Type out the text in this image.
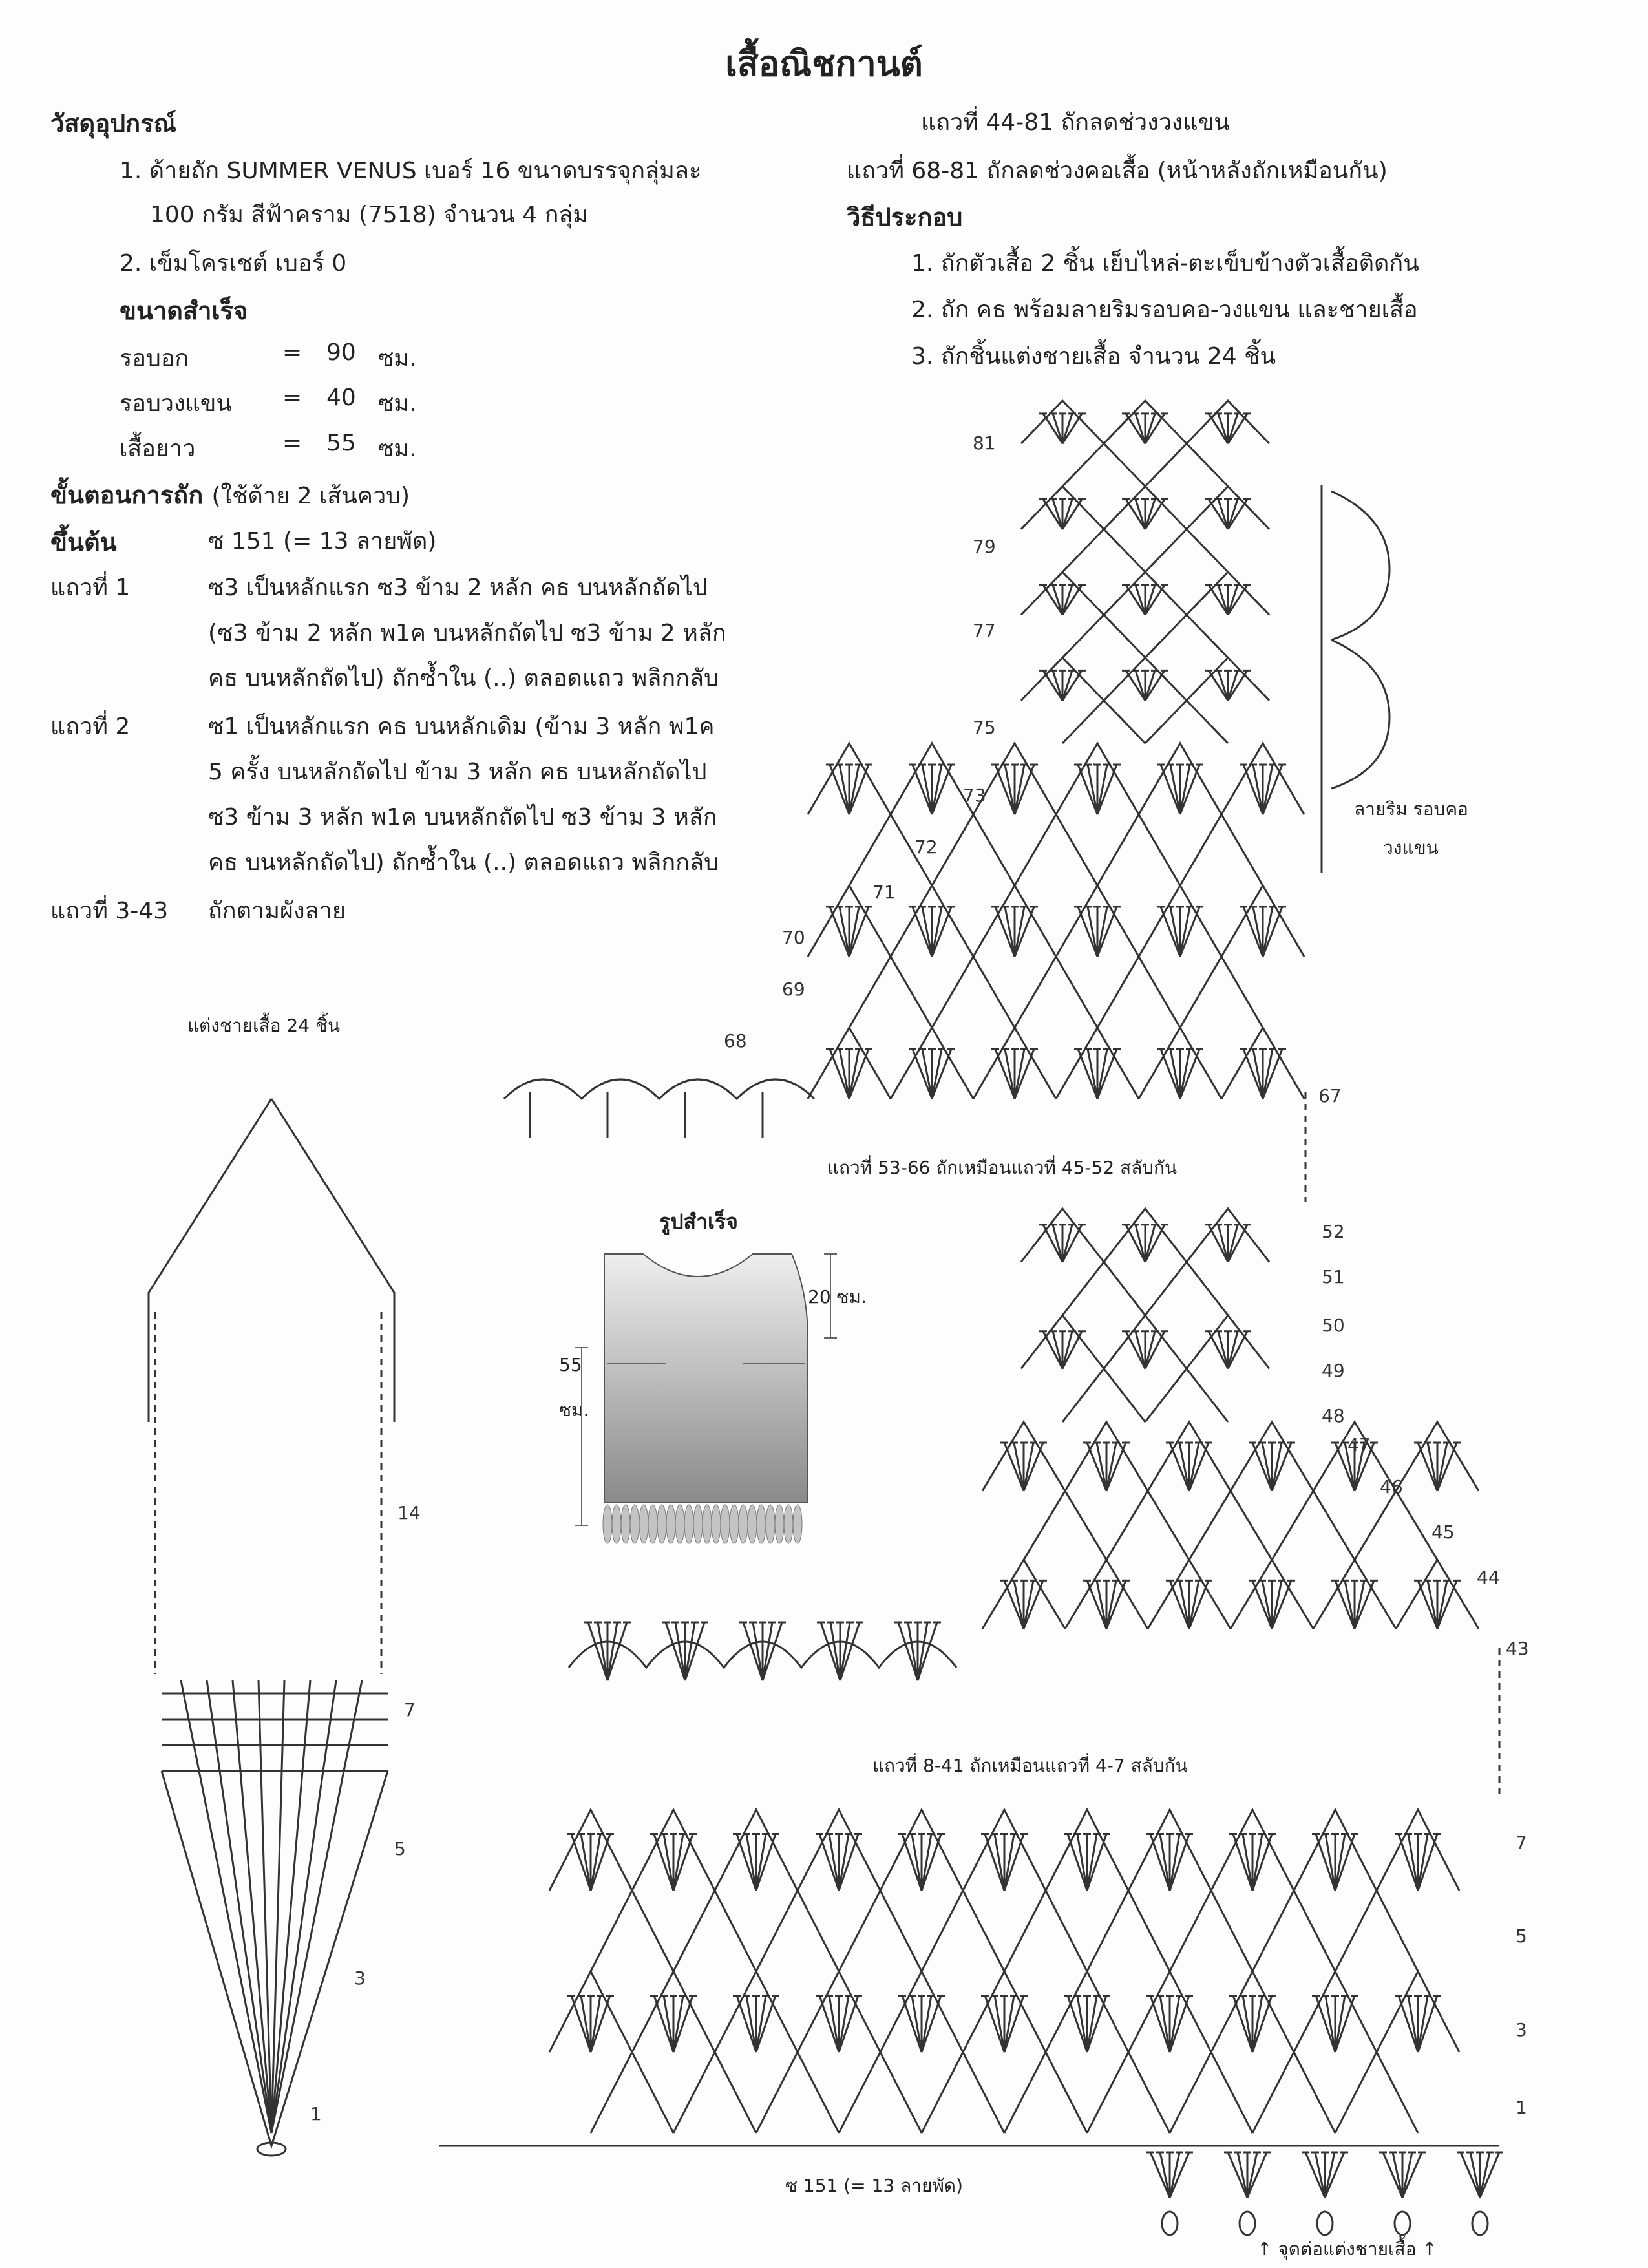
เสื้อณิชกานต์
วัสดุอุปกรณ์
1. ด้ายถัก SUMMER VENUS เบอร์ 16 ขนาดบรรจุกลุ่มละ
100 กรัม สีฟ้าคราม (7518) จำนวน 4 กลุ่ม
2. เข็มโครเชต์ เบอร์ 0
ขนาดสำเร็จ
รอบอก	= 90 ซม.
รอบวงแขน = 40 ซม.
เสื้อยาว	= 55 ซม.
ขั้นตอนการถัก (ใช้ด้าย 2 เส้นควบ)
ขึ้นต้น	ซ 151 (= 13 ลายพัด)
แถวที่ 1	ซ3 เป็นหลักแรก ซ3 ข้าม 2 หลัก คธ บนหลักถัดไป
(ซ3 ข้าม 2 หลัก พ1ค บนหลักถัดไป ซ3 ข้าม 2 หลัก
คธ บนหลักถัดไป) ถักซ้ำใน (..) ตลอดแถว พลิกกลับ
แถวที่ 2	ซ1 เป็นหลักแรก คธ บนหลักเดิม (ข้าม 3 หลัก พ1ค
5 ครั้ง บนหลักถัดไป ข้าม 3 หลัก คธ บนหลักถัดไป
ซ3 ข้าม 3 หลัก พ1ค บนหลักถัดไป ซ3 ข้าม 3 หลัก
คธ บนหลักถัดไป) ถักซ้ำใน (..) ตลอดแถว พลิกกลับ
แถวที่ 3-43 ถักตามผังลาย
แถวที่ 44-81 ถักลดช่วงวงแขน
แถวที่ 68-81 ถักลดช่วงคอเสื้อ (หน้าหลังถักเหมือนกัน)
วิธีประกอบ
1. ถักตัวเสื้อ 2 ชิ้น เย็บไหล่-ตะเข็บข้างตัวเสื้อติดกัน
2. ถัก คธ พร้อมลายริมรอบคอ-วงแขน และชายเสื้อ
3. ถักชิ้นแต่งชายเสื้อ จำนวน 24 ชิ้น
แต่งชายเสื้อ 24 ชิ้น
ลายริม รอบคอ
วงแขน
แถวที่ 53-66 ถักเหมือนแถวที่ 45-52 สลับกัน
แถวที่ 8-41 ถักเหมือนแถวที่ 4-7 สลับกัน
ซ 151 (= 13 ลายพัด)
↑ จุดต่อแต่งชายเสื้อ ↑
รูปสำเร็จ
55
ซม.
20 ซม.
81
79
77
75
73
72
71
70
69
68
67
52
51
50
49
48
47
46
45
44
43
7
5
3
1
14
7
5
3
1
